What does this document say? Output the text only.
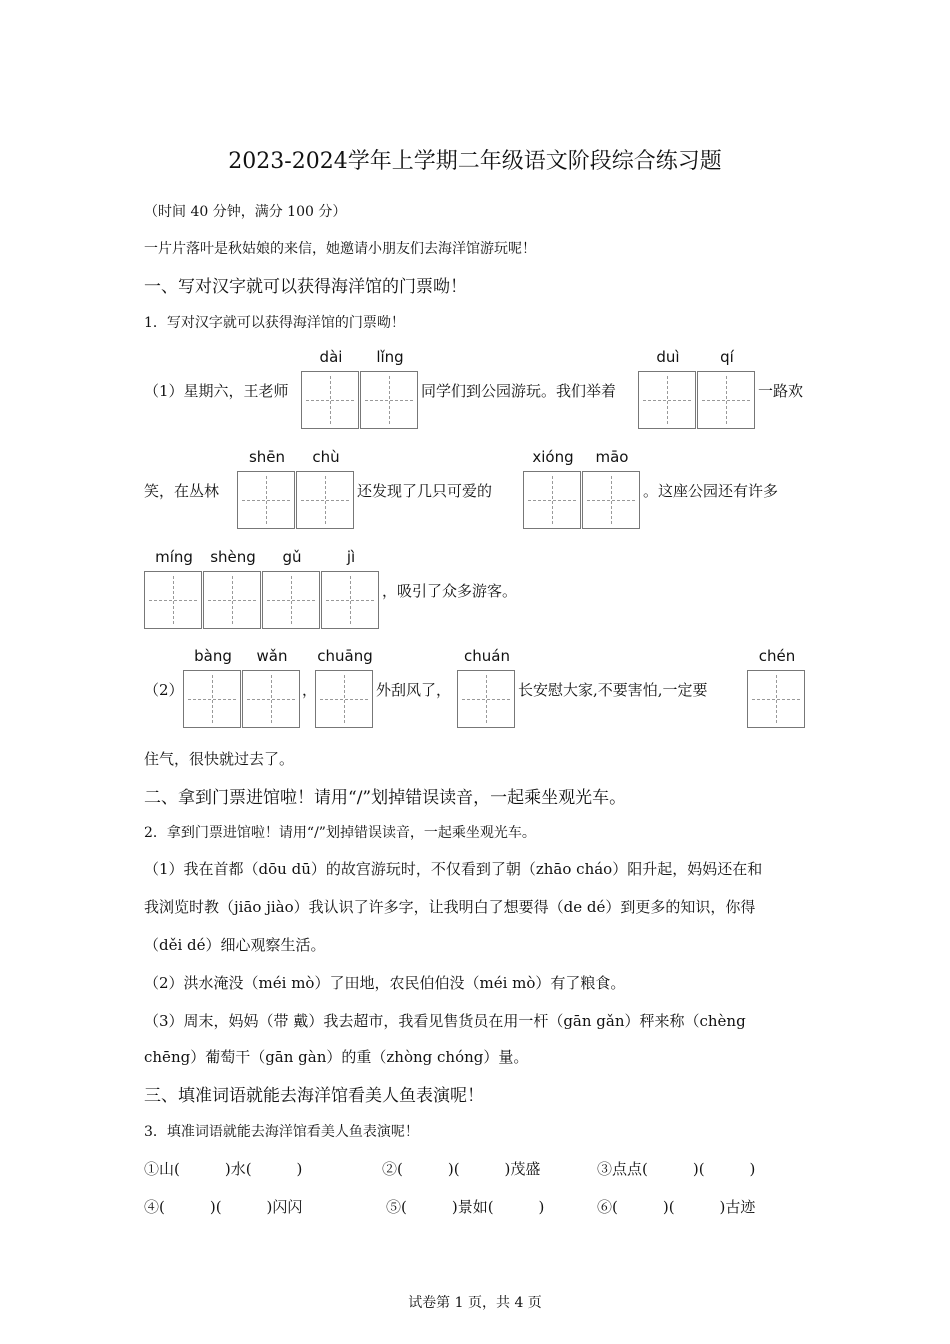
2023-2024学年上学期二年级语文阶段综合练习题
（时间 40 分钟，满分 100 分）
一片片落叶是秋姑娘的来信，她邀请小朋友们去海洋馆游玩呢！
一、写对汉字就可以获得海洋馆的门票呦！
1．写对汉字就可以获得海洋馆的门票呦！
（1）星期六，王老师
dài	lǐng
同学们到公园游玩。我们举着
duì	qí
一路欢
笑，在丛林
shēn	chù
还发现了几只可爱的
xióng	māo
。这座公园还有许多
míng	shèng	gǔ	jì
，吸引了众多游客。
（2）
bàng	wǎn
，
chuāng
外刮风了，
chuán
长安慰大家,不要害怕,一定要
chén
住气，很快就过去了。
二、拿到门票进馆啦！请用“/”划掉错误读音，一起乘坐观光车。
2．拿到门票进馆啦！请用“/”划掉错误读音，一起乘坐观光车。
（1）我在首都（dōu dū）的故宫游玩时，不仅看到了朝（zhāo cháo）阳升起，妈妈还在和
我浏览时教（jiāo jiào）我认识了许多字，让我明白了想要得（de dé）到更多的知识，你得
（děi dé）细心观察生活。
（2）洪水淹没（méi mò）了田地，农民伯伯没（méi mò）有了粮食。
（3）周末，妈妈（带 戴）我去超市，我看见售货员在用一杆（gān gǎn）秤来称（chèng
chēng）葡萄干（gān gàn）的重（zhòng chóng）量。
三、填准词语就能去海洋馆看美人鱼表演呢！
3．填准词语就能去海洋馆看美人鱼表演呢！
①山(　　　)水(　　　)	②(　　　)(　　　)茂盛	③点点(　　　)(　　　)
④(　　　)(　　　)闪闪	⑤(　　　)景如(　　　)	⑥(　　　)(　　　)古迹
试卷第 1 页，共 4 页
